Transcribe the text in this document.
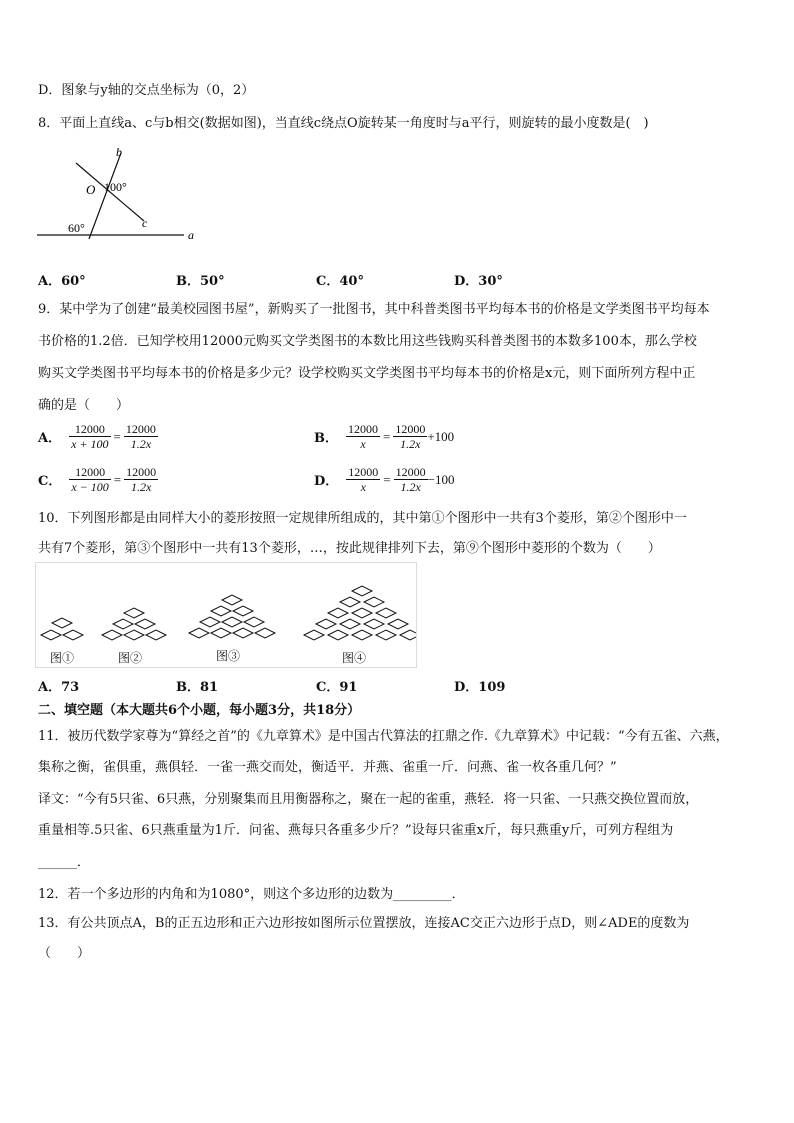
D．图象与y轴的交点坐标为（0，2）
8．平面上直线a、c与b相交(数据如图)，当直线c绕点O旋转某一角度时与a平行，则旋转的最小度数是(　)
b
O 100°
c
60°	a
A．60°	B．50°	C．40°	D．30°
9．某中学为了创建“最美校园图书屋”，新购买了一批图书，其中科普类图书平均每本书的价格是文学类图书平均每本
书价格的1.2倍．已知学校用12000元购买文学类图书的本数比用这些钱购买科普类图书的本数多100本，那么学校
购买文学类图书平均每本书的价格是多少元？设学校购买文学类图书平均每本书的价格是x元，则下面所列方程中正
确的是（　　）
A． $\frac{12000}{x + 100} = \frac{12000}{1.2x}$	B． $\frac{12000}{x} = \frac{12000}{1.2x} +100$
C． $\frac{12000}{x - 100} = \frac{12000}{1.2x}$	D． $\frac{12000}{x} = \frac{12000}{1.2x} -100$
10．下列图形都是由同样大小的菱形按照一定规律所组成的，其中第①个图形中一共有3个菱形，第②个图形中一
共有7个菱形，第③个图形中一共有13个菱形，…，按此规律排列下去，第⑨个图形中菱形的个数为（　　）
图①	图②	图③	图④
A．73	B．81	C．91	D．109
二、填空题（本大题共6个小题，每小题3分，共18分）
11．被历代数学家尊为“算经之首”的《九章算术》是中国古代算法的扛鼎之作.《九章算术》中记载：“今有五雀、六燕，
集称之衡，雀俱重，燕俱轻．一雀一燕交而处，衡适平．并燕、雀重一斤．问燕、雀一枚各重几何？”
译文：“今有5只雀、6只燕，分别聚集而且用衡器称之，聚在一起的雀重，燕轻．将一只雀、一只燕交换位置而放，
重量相等.5只雀、6只燕重量为1斤．问雀、燕每只各重多少斤？”设每只雀重x斤，每只燕重y斤，可列方程组为
______．
12．若一个多边形的内角和为1080°，则这个多边形的边数为_________．
13．有公共顶点A，B的正五边形和正六边形按如图所示位置摆放，连接AC交正六边形于点D，则∠ADE的度数为
（　　）
